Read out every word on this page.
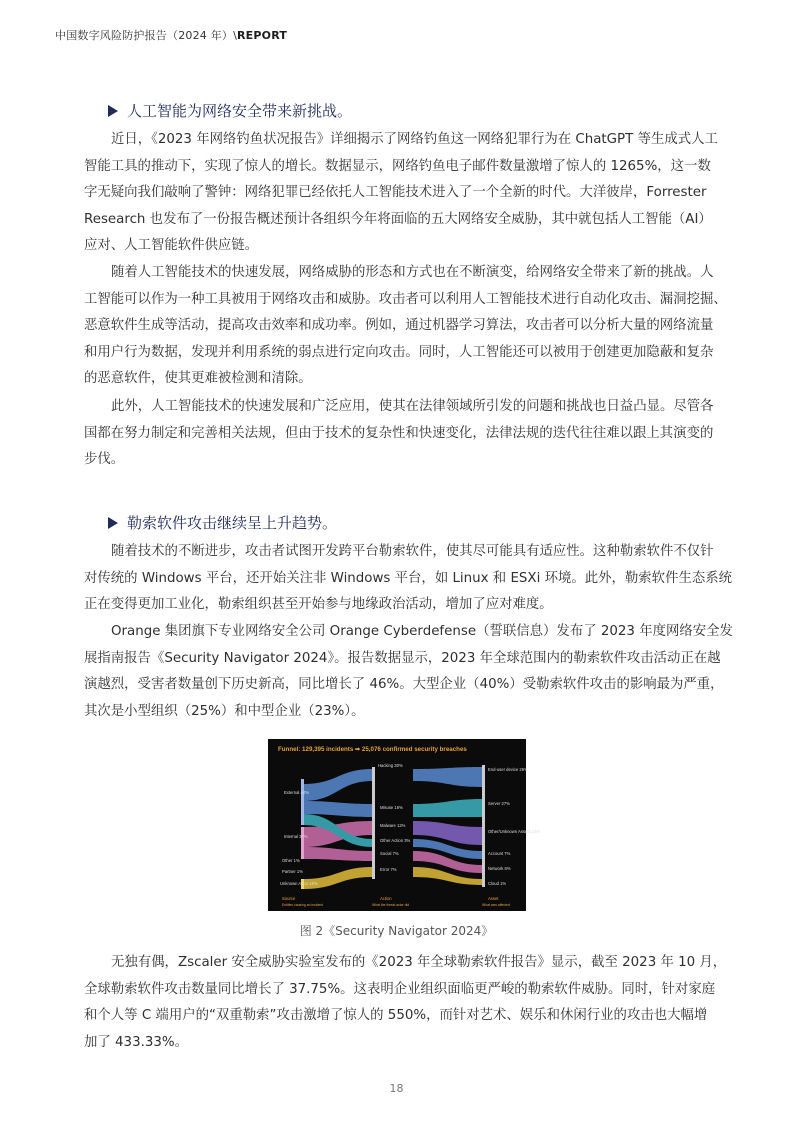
中国数字风险防护报告（2024 年）\REPORT
人工智能为网络安全带来新挑战。
近日，《2023 年网络钓鱼状况报告》详细揭示了网络钓鱼这一网络犯罪行为在 ChatGPT 等生成式人工
智能工具的推动下，实现了惊人的增长。数据显示，网络钓鱼电子邮件数量激增了惊人的 1265%，这一数
字无疑向我们敲响了警钟：网络犯罪已经依托人工智能技术进入了一个全新的时代。大洋彼岸，Forrester
Research 也发布了一份报告概述预计各组织今年将面临的五大网络安全威胁，其中就包括人工智能（AI）
应对、人工智能软件供应链。
随着人工智能技术的快速发展，网络威胁的形态和方式也在不断演变，给网络安全带来了新的挑战。人
工智能可以作为一种工具被用于网络攻击和威胁。攻击者可以利用人工智能技术进行自动化攻击、漏洞挖掘、
恶意软件生成等活动，提高攻击效率和成功率。例如，通过机器学习算法，攻击者可以分析大量的网络流量
和用户行为数据，发现并利用系统的弱点进行定向攻击。同时，人工智能还可以被用于创建更加隐蔽和复杂
的恶意软件，使其更难被检测和清除。
此外，人工智能技术的快速发展和广泛应用，使其在法律领域所引发的问题和挑战也日益凸显。尽管各
国都在努力制定和完善相关法规，但由于技术的复杂性和快速变化，法律法规的迭代往往难以跟上其演变的
步伐。
勒索软件攻击继续呈上升趋势。
随着技术的不断进步，攻击者试图开发跨平台勒索软件，使其尽可能具有适应性。这种勒索软件不仅针
对传统的 Windows 平台，还开始关注非 Windows 平台，如 Linux 和 ESXi 环境。此外，勒索软件生态系统
正在变得更加工业化，勒索组织甚至开始参与地缘政治活动，增加了应对难度。
Orange 集团旗下专业网络安全公司 Orange Cyberdefense（誓联信息）发布了 2023 年度网络安全发
展指南报告《Security Navigator 2024》。报告数据显示，2023 年全球范围内的勒索软件攻击活动正在越
演越烈，受害者数量创下历史新高，同比增长了 46%。大型企业（40%）受勒索软件攻击的影响最为严重，
其次是小型组织（25%）和中型企业（23%）。
Funnel: 129,395 incidents ➡ 25,076 confirmed security breaches
External 44%
Internal 37%
Other 1%
Partner 1%
Unknown Actor 18%
Hacking 30%
Misuse 16%
Malware 12%
Other Action 3%
Social 7%
Error 7%
End-user device 26%
Server 27%
Other/Unknown Assets 22%
Account 7%
Network 8%
Cloud 1%
Source
Entities causing an incident
Action
What the threat actor did
Asset
What was affected
图 2《Security Navigator 2024》
无独有偶，Zscaler 安全威胁实验室发布的《2023 年全球勒索软件报告》显示，截至 2023 年 10 月，
全球勒索软件攻击数量同比增长了 37.75%。这表明企业组织面临更严峻的勒索软件威胁。同时，针对家庭
和个人等 C 端用户的“双重勒索”攻击激增了惊人的 550%，而针对艺术、娱乐和休闲行业的攻击也大幅增
加了 433.33%。
18
